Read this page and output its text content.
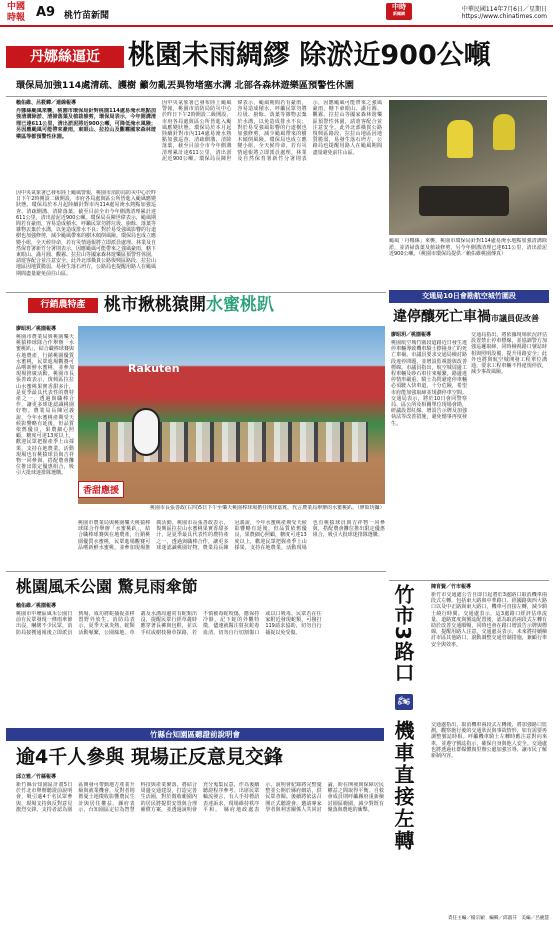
中國
時報 A9 桃竹苗新聞
中時
新聞網
中華民國114年7月6日／星期日
https://www.chinatimes.com
丹娜絲逼近	桃園未雨綢繆 除淤近900公噸
環保局加強114處清疏、護樹 籲勿亂丟異物堵塞水溝 北部各森林遊樂區預警性休園
賴佑維、呂筱蟬／連線報導
丹娜絲颱風來襲，桃園市環保局針對桃園114處易淹水地點加強清溝除淤、清掃落葉及植栽修剪，環保局表示，今年側溝清理已達611公里，清出淤泥將近900公噸，可降低淹水風險；另因應颱風可能帶來豪雨，東眼山、拉拉山及觀霧國家森林遊樂區等都預警性休園。
因中央氣象署已發布陸上颱風警報，桃園市消防局防災中心於昨日下午2時開設二級開設，市府各局處與區公所皆進入颱風應變狀態。環保局於本月起陸續針對市內114處易淹水熱點加強巡查、清疏側溝、清除落葉，截至目前全市今年側溝清理累計達611公里，清出淤泥近900公噸。環保局長陳世偉表示，颱風期間若有豪雨，容易造成積水，呼籲民眾勿將垃圾、廚餘、落葉等雜物丟棄於水溝，以免造成排水不良；對於易受強風影響的行道樹也加強修剪，減少颱風帶來的樹木傾倒風險。環保局也成立應變小組，全天候待命，若有災情通報將立即派員處理。林業及自然保育署新竹分署則表示，因應颱風可能帶來之強風豪雨，轄下東眼山、滿月圓、觀霧、拉拉山等國家森林遊樂區預警性休園，請遊客配合並注意安全。此外北部橫貫公路復興區路段、拉拉山地區因地質脆弱，易發生落石坍方，公路局也提醒用路人在颱風期間盡量避免前往山區。
因中央氣象署已發布陸上颱風警報，桃園市消防局防災中心於昨日下午2時開設二級開設，市府各局處與區公所皆進入颱風應變狀態。環保局於本月起陸續針對市內114處易淹水熱點加強巡查、清疏側溝、清除落葉，截至目前全市今年側溝清理累計達611公里，清出淤泥近900公噸。環保局長陳世偉表示，颱風期間若有豪雨，容易造成積水，呼籲民眾勿將垃圾、廚餘、落葉等雜物丟棄於水溝，以免造成排水不良；對於易受強風影響的行道樹也加強修剪，減少颱風帶來的樹木傾倒風險。環保局也成立應變小組，全天候待命，若有災情通報將立即派員處理。林業及自然保育署新竹分署則表示，因應颱風可能帶來之強風豪雨，轄下東眼山、滿月圓、觀霧、拉拉山等國家森林遊樂區預警性休園，請遊客配合並注意安全。此外北部橫貫公路復興區路段、拉拉山地區因地質脆弱，易發生落石坍方，公路局也提醒用路人在颱風期間盡量避免前往山區。
颱風「丹娜絲」來襲，桃園市環保局針對114處易淹水地點加強清溝除淤，並清掃落葉及植栽修剪，另今年側溝清理已達611公里，清出淤泥近900公噸。（桃園市環保局提供／賴佑維桃園傳真）
行銷農特產	桃市揪桃猿開水蜜桃趴
廖昭玥／桃園報導
桃園市農業局與桃園樂天桃猿棒球隊合作舉辦「水蜜桃趴」，結合職棒球賽與在地農產，行銷桃園優質水蜜桃，民眾進場觀賽可品嚐新鮮水蜜桃，並參加現場推廣活動。桃園市長張善政表示，復興區拉拉山水蜜桃果實香甜多汁，是夏季最具代表性的農特產之一，透過與職棒合作，讓更多球迷認識桃園好物。農業局長陳冠義說，今年水蜜桃產期受天候影響略有延後，但品質依舊優良，果農細心照顧，糖度可達13度以上，歡迎民眾把握產季上山採果，支持在地農業。活動現場也有桃猿球員與吉祥物一同參與，搭配農會攤位推出限定優惠組合，吸引大批球迷排隊選購。
Rakuten
香甜應援
桃園市長張善政(右四)5日下午至樂天桃園棒球場擔任開球嘉賓，代言農業局舉辦的水蜜桃趴。（廖昭玥攝）
桃園市農業局與桃園樂天桃猿棒球隊合作舉辦「水蜜桃趴」，結合職棒球賽與在地農產，行銷桃園優質水蜜桃，民眾進場觀賽可品嚐新鮮水蜜桃，並參加現場推廣活動。桃園市長張善政表示，復興區拉拉山水蜜桃果實香甜多汁，是夏季最具代表性的農特產之一，透過與職棒合作，讓更多球迷認識桃園好物。農業局長陳冠義說，今年水蜜桃產期受天候影響略有延後，但品質依舊優良，果農細心照顧，糖度可達13度以上，歡迎民眾把握產季上山採果，支持在地農業。活動現場也有桃猿球員與吉祥物一同參與，搭配農會攤位推出限定優惠組合，吸引大批球迷排隊選購。
交通局10日會勘航空城竹圍段
違停釀死亡車禍市議員促改善
廖昭玥／桃園報導
桃園航空城竹圍段道路近日發生違停車輛導致機車騎士擦撞身亡的死亡車禍，市議員要求交通局檢討路段違停問題，並增設監視器與改善標線。市議員指出，航空城周邊工程車輛及砂石車往來頻繁，路邊違停情形嚴重，騎士為閃避違停車輛必須駛入快車道，十分危險，希望市府能加強取締並規劃停車空間。交通局表示，將於10日會同警察局、區公所及相關單位現場會勘，研議設置紅線、增設告示牌及加強執法等改善措施，避免憾事再度發生。
交通局指出，將依據現場狀況評估設置禁止停車標線，並協調警方加強巡邏取締，同時檢視路口號誌時相與照明設備，提升用路安全；此外也將與航空城開發工程單位溝通，要求工程車輛不得違規停放，減少事故風險。
桃園風禾公園 驚見雨傘節
賴佑維／桃園報導
桃園市中壢區風禾公園日前有民眾發現一條雨傘節出沒，嚇壞不少民眾，消防局接獲通報後立即派員到場，成功將蛇捕捉並移置野外放生。消防局表示，夏季天氣炎熱，蛇類活動頻繁，公園綠地、草叢及水溝周邊常有蛇類出沒，提醒民眾行經草叢時應穿著長褲與包鞋，並以手杖或樹枝撥草探路，若不慎被毒蛇咬傷，應保持冷靜，記下蛇的外觀特徵，儘速就醫注射抗蛇毒血清，切勿自行切割傷口或以口吸毒。民眾若在住家附近發現蛇類，可撥打119請求協助，切勿自行捕捉以免受傷。	竹市3路口
機車直接左轉
🏍
陳育賢／竹市報導
新竹市交通處公告自即日起將於3處路口取消機車兩段式左轉，包括東大路與中華路口、經國路與西大路口以及中正路與東大路口，機車可直接左轉，減少騎士繞行時間。交通處表示，這3處路口經評估車流量、道路寬度與號誌配置後，認為取消兩段式左轉有助於改善交通順暢，同時也會在路口增設告示牌與標線，提醒用路人注意。交通處長表示，未來將持續檢討市區其他路口，滾動調整交通管制措施，兼顧行車安全與效率。
交通處指出，取消機車兩段式左轉後，將加強路口監測，觀察施行後的交通狀況與事故情形，如有需要再調整號誌時相。呼籲機車騎士左轉時應注意對向來車，並遵守號誌指示，確保自身與他人安全。交通處也將透過社群媒體與里辦公處加強宣導，讓市民了解新制內容。
責任主編／楊宗穎　編輯／邱淑芬　美編／呂慶慧
竹縣台知園區聽證前說明會
逾4千人參與 現場正反意見交鋒
邱立雅／竹縣報導
新竹縣台知園區計畫5日於竹北市舉辦聽證前說明會，吸引逾4千名民眾參與，現場支持與反對意見激烈交鋒。支持者認為園區開發可帶動地方產業升級與就業機會，反對者則擔憂土地徵收影響農民生計與居住權益。縣府表示，台知園區定位為智慧科技與產業聚落，將結合周邊交通建設，打造完善生活圈，對於徵收範圍內的居民將提供安置與合理補償方案，並透過說明會充分蒐集民意，作為後續聽證程序參考。出席民眾輪流發言，有人手持標語表達訴求，現場維持秩序平和。 縣府地政處表示，說明會紀錄將完整彙整並公開於縣府網站，供民眾查閱。後續將依法召開正式聽證會，邀請專家學者與利害關係人共同討論，盼在開發與保障居民權益之間取得平衡。自救會成員則呼籲縣府重新檢討園區範圍，減少對既有聚落與農地的衝擊。
